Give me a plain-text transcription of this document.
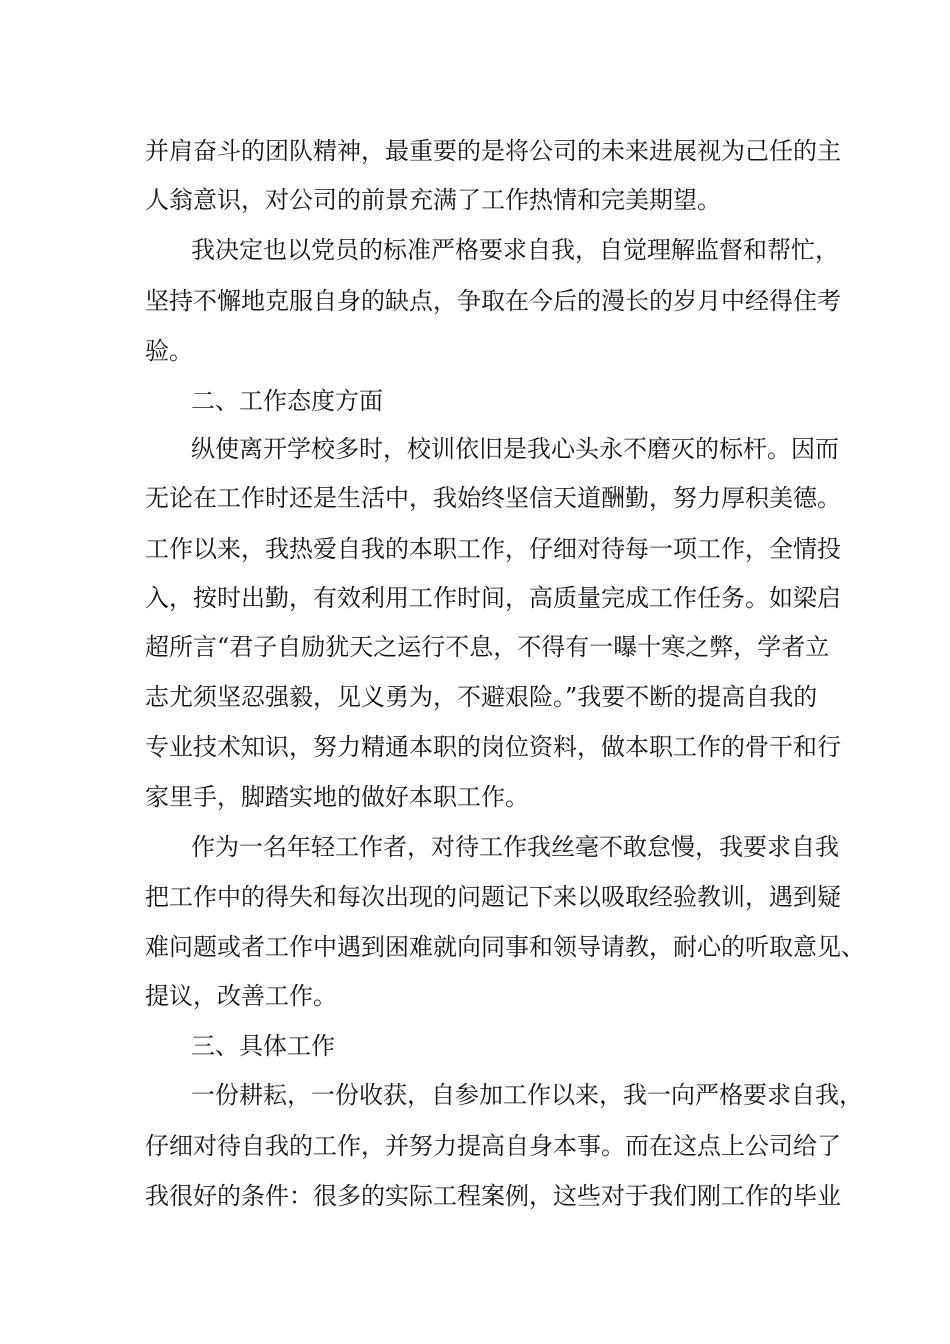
并肩奋斗的团队精神，最重要的是将公司的未来进展视为己任的主
人翁意识，对公司的前景充满了工作热情和完美期望。
我决定也以党员的标准严格要求自我，自觉理解监督和帮忙，
坚持不懈地克服自身的缺点，争取在今后的漫长的岁月中经得住考
验。
二、工作态度方面
纵使离开学校多时，校训依旧是我心头永不磨灭的标杆。因而
无论在工作时还是生活中，我始终坚信天道酬勤，努力厚积美德。
工作以来，我热爱自我的本职工作，仔细对待每一项工作，全情投
入，按时出勤，有效利用工作时间，高质量完成工作任务。如梁启
超所言“君子自励犹天之运行不息，不得有一曝十寒之弊，学者立
志尤须坚忍强毅，见义勇为，不避艰险。”我要不断的提高自我的
专业技术知识，努力精通本职的岗位资料，做本职工作的骨干和行
家里手，脚踏实地的做好本职工作。
作为一名年轻工作者，对待工作我丝毫不敢怠慢，我要求自我
把工作中的得失和每次出现的问题记下来以吸取经验教训，遇到疑
难问题或者工作中遇到困难就向同事和领导请教，耐心的听取意见、
提议，改善工作。
三、具体工作
一份耕耘，一份收获，自参加工作以来，我一向严格要求自我，
仔细对待自我的工作，并努力提高自身本事。而在这点上公司给了
我很好的条件：很多的实际工程案例，这些对于我们刚工作的毕业
